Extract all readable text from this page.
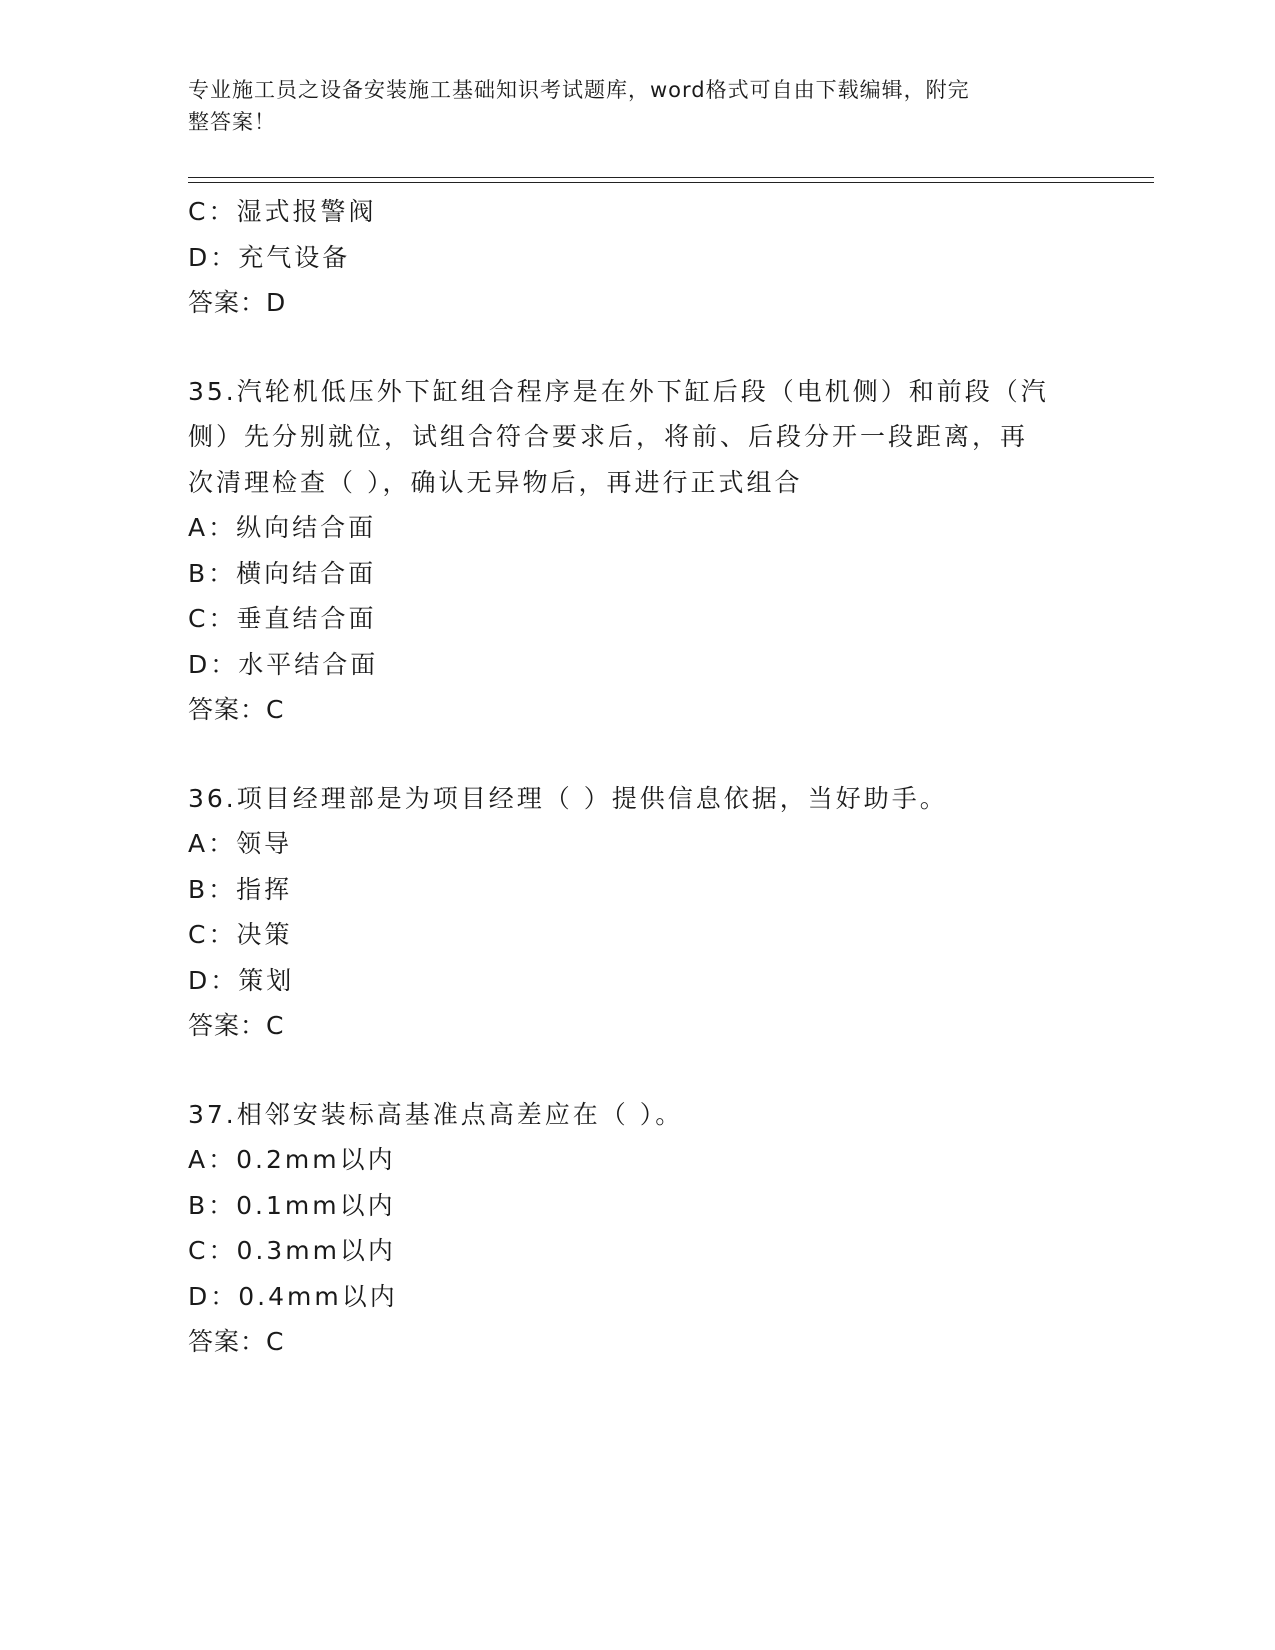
专业施工员之设备安装施工基础知识考试题库，word格式可自由下载编辑，附完
整答案！
C：湿式报警阀
D：充气设备
答案：D
35.汽轮机低压外下缸组合程序是在外下缸后段（电机侧）和前段（汽
侧）先分别就位，试组合符合要求后，将前、后段分开一段距离，再
次清理检查（ ），确认无异物后，再进行正式组合
A：纵向结合面
B：横向结合面
C：垂直结合面
D：水平结合面
答案：C
36.项目经理部是为项目经理（ ）提供信息依据，当好助手。
A：领导
B：指挥
C：决策
D：策划
答案：C
37.相邻安装标高基准点高差应在（ ）。
A：0.2mm以内
B：0.1mm以内
C：0.3mm以内
D：0.4mm以内
答案：C
